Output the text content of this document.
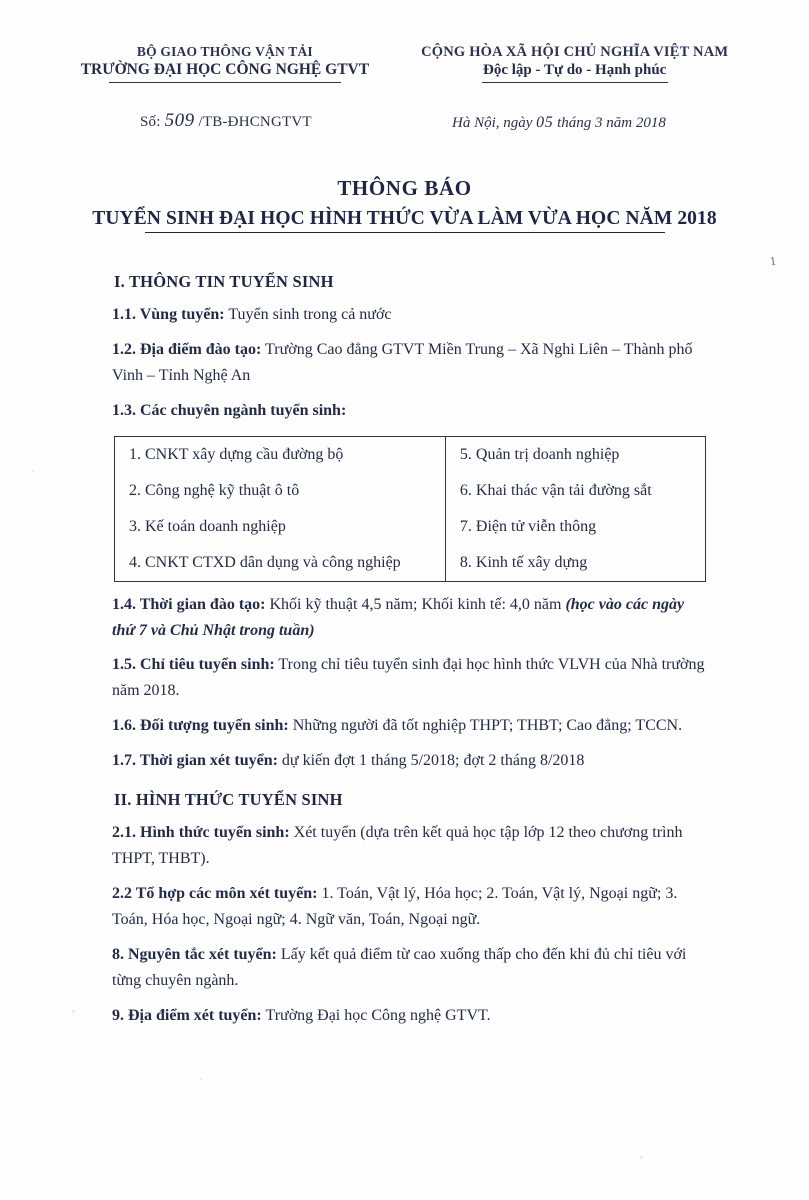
BỘ GIAO THÔNG VẬN TẢI
TRƯỜNG ĐẠI HỌC CÔNG NGHỆ GTVT
CỘNG HÒA XÃ HỘI CHỦ NGHĨA VIỆT NAM
Độc lập - Tự do - Hạnh phúc
Số: 509 /TB-ĐHCNGTVT	Hà Nội, ngày 05 tháng 3 năm 2018
THÔNG BÁO
TUYỂN SINH ĐẠI HỌC HÌNH THỨC VỪA LÀM VỪA HỌC NĂM 2018
1
I. THÔNG TIN TUYỂN SINH
1.1. Vùng tuyển: Tuyển sinh trong cả nước
1.2. Địa điểm đào tạo: Trường Cao đẳng GTVT Miền Trung – Xã Nghi Liên – Thành phố Vinh – Tỉnh Nghệ An
1.3. Các chuyên ngành tuyển sinh:
1. CNKT xây dựng cầu đường bộ	5. Quản trị doanh nghiệp
2. Công nghệ kỹ thuật ô tô	6. Khai thác vận tải đường sắt
3. Kế toán doanh nghiệp	7. Điện tử viễn thông
4. CNKT CTXD dân dụng và công nghiệp	8. Kinh tế xây dựng
1.4. Thời gian đào tạo: Khối kỹ thuật 4,5 năm; Khối kinh tế: 4,0 năm (học vào các ngày thứ 7 và Chủ Nhật trong tuần)
1.5. Chỉ tiêu tuyển sinh: Trong chỉ tiêu tuyển sinh đại học hình thức VLVH của Nhà trường năm 2018.
1.6. Đối tượng tuyển sinh: Những người đã tốt nghiệp THPT; THBT; Cao đẳng; TCCN.
1.7. Thời gian xét tuyển: dự kiến đợt 1 tháng 5/2018; đợt 2 tháng 8/2018
II. HÌNH THỨC TUYỂN SINH
2.1. Hình thức tuyển sinh: Xét tuyển (dựa trên kết quả học tập lớp 12 theo chương trình THPT, THBT).
2.2 Tổ hợp các môn xét tuyển: 1. Toán, Vật lý, Hóa học; 2. Toán, Vật lý, Ngoại ngữ; 3. Toán, Hóa học, Ngoại ngữ; 4. Ngữ văn, Toán, Ngoại ngữ.
8. Nguyên tắc xét tuyển: Lấy kết quả điểm từ cao xuống thấp cho đến khi đủ chỉ tiêu với từng chuyên ngành.
9. Địa điểm xét tuyển: Trường Đại học Công nghệ GTVT.
